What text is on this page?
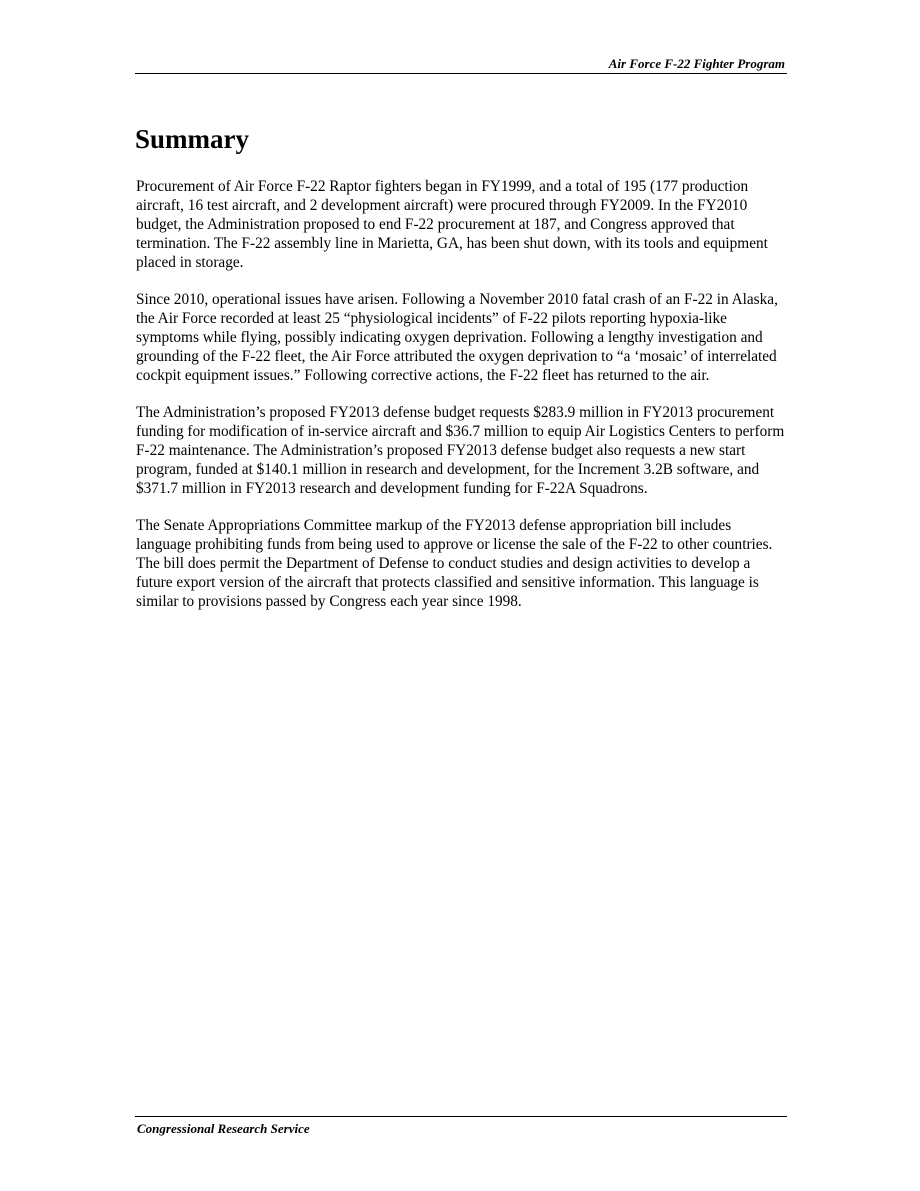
Air Force F-22 Fighter Program
Summary

Procurement of Air Force F-22 Raptor fighters began in FY1999, and a total of 195 (177 production aircraft, 16 test aircraft, and 2 development aircraft) were procured through FY2009. In the FY2010 budget, the Administration proposed to end F-22 procurement at 187, and Congress approved that termination. The F-22 assembly line in Marietta, GA, has been shut down, with its tools and equipment placed in storage.

Since 2010, operational issues have arisen. Following a November 2010 fatal crash of an F-22 in Alaska, the Air Force recorded at least 25 “physiological incidents” of F-22 pilots reporting hypoxia-like symptoms while flying, possibly indicating oxygen deprivation. Following a lengthy investigation and grounding of the F-22 fleet, the Air Force attributed the oxygen deprivation to “a ‘mosaic’ of interrelated cockpit equipment issues.” Following corrective actions, the F-22 fleet has returned to the air.

The Administration’s proposed FY2013 defense budget requests $283.9 million in FY2013 procurement funding for modification of in-service aircraft and $36.7 million to equip Air Logistics Centers to perform F-22 maintenance. The Administration’s proposed FY2013 defense budget also requests a new start program, funded at $140.1 million in research and development, for the Increment 3.2B software, and $371.7 million in FY2013 research and development funding for F-22A Squadrons.

The Senate Appropriations Committee markup of the FY2013 defense appropriation bill includes language prohibiting funds from being used to approve or license the sale of the F-22 to other countries. The bill does permit the Department of Defense to conduct studies and design activities to develop a future export version of the aircraft that protects classified and sensitive information. This language is similar to provisions passed by Congress each year since 1998.

Congressional Research Service
